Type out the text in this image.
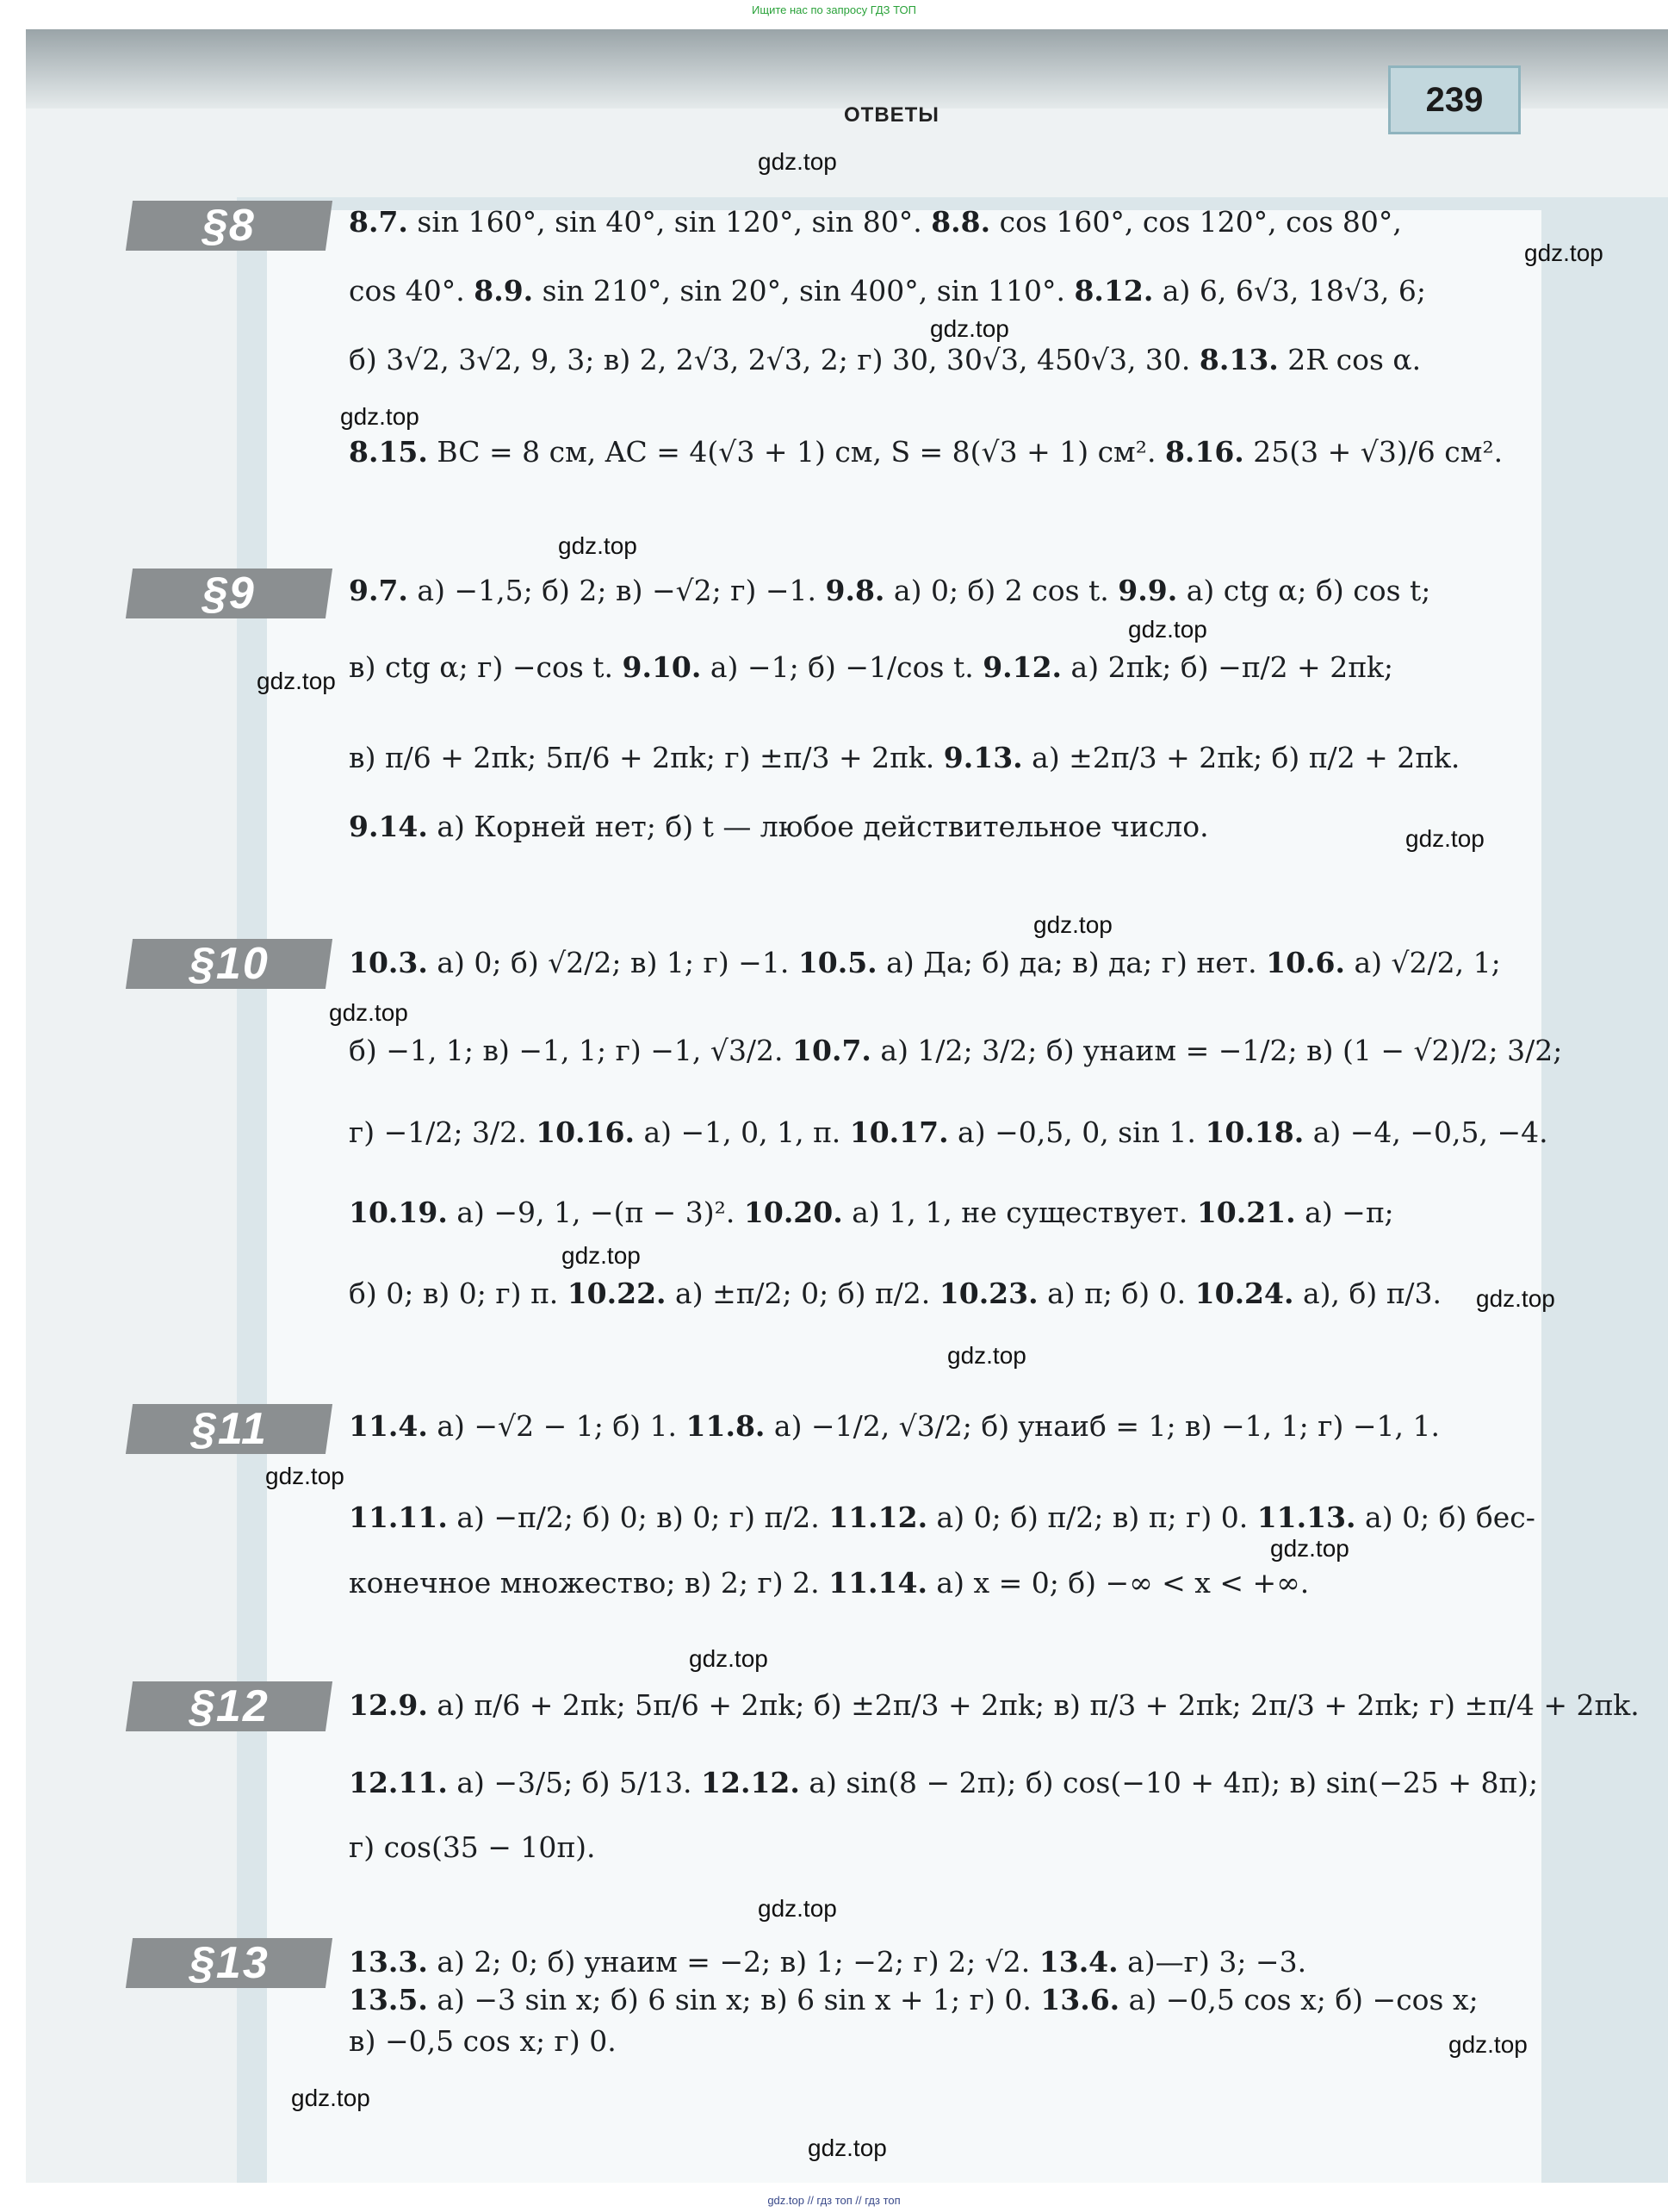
Ищите нас по запросу ГДЗ ТОП
ОТВЕТЫ	239
§8
§9
§10
§11
§12
§13
8.7. sin 160°, sin 40°, sin 120°, sin 80°. 8.8. cos 160°, cos 120°, cos 80°,
cos 40°. 8.9. sin 210°, sin 20°, sin 400°, sin 110°. 8.12. а) 6, 6√3, 18√3, 6;
б) 3√2, 3√2, 9, 3; в) 2, 2√3, 2√3, 2; г) 30, 30√3, 450√3, 30. 8.13. 2R cos α.
8.15. BC = 8 см, AC = 4(√3 + 1) см, S = 8(√3 + 1) см². 8.16. 25(3 + √3)/6 см².
9.7. а) −1,5; б) 2; в) −√2; г) −1. 9.8. а) 0; б) 2 cos t. 9.9. а) ctg α; б) cos t;
в) ctg α; г) −cos t. 9.10. а) −1; б) −1/cos t. 9.12. а) 2πk; б) −π/2 + 2πk;
в) π/6 + 2πk; 5π/6 + 2πk; г) ±π/3 + 2πk. 9.13. а) ±2π/3 + 2πk; б) π/2 + 2πk.
9.14. а) Корней нет; б) t — любое действительное число.
10.3. а) 0; б) √2/2; в) 1; г) −1. 10.5. а) Да; б) да; в) да; г) нет. 10.6. а) √2/2, 1;
б) −1, 1; в) −1, 1; г) −1, √3/2. 10.7. а) 1/2; 3/2; б) yнаим = −1/2; в) (1 − √2)/2; 3/2;
г) −1/2; 3/2. 10.16. а) −1, 0, 1, π. 10.17. а) −0,5, 0, sin 1. 10.18. а) −4, −0,5, −4.
10.19. а) −9, 1, −(π − 3)². 10.20. а) 1, 1, не существует. 10.21. а) −π;
б) 0; в) 0; г) π. 10.22. а) ±π/2; 0; б) π/2. 10.23. а) π; б) 0. 10.24. а), б) π/3.
11.4. а) −√2 − 1; б) 1. 11.8. а) −1/2, √3/2; б) yнаиб = 1; в) −1, 1; г) −1, 1.
11.11. а) −π/2; б) 0; в) 0; г) π/2. 11.12. а) 0; б) π/2; в) π; г) 0. 11.13. а) 0; б) бес-
конечное множество; в) 2; г) 2. 11.14. а) x = 0; б) −∞ < x < +∞.
12.9. а) π/6 + 2πk; 5π/6 + 2πk; б) ±2π/3 + 2πk; в) π/3 + 2πk; 2π/3 + 2πk; г) ±π/4 + 2πk.
12.11. а) −3/5; б) 5/13. 12.12. а) sin(8 − 2π); б) cos(−10 + 4π); в) sin(−25 + 8π);
г) cos(35 − 10π).
13.3. а) 2; 0; б) yнаим = −2; в) 1; −2; г) 2; √2. 13.4. а)—г) 3; −3.
13.5. а) −3 sin x; б) 6 sin x; в) 6 sin x + 1; г) 0. 13.6. а) −0,5 cos x; б) −cos x;
в) −0,5 cos x; г) 0.
gdz.top
gdz.top
gdz.top
gdz.top
gdz.top
gdz.top
gdz.top
gdz.top
gdz.top
gdz.top
gdz.top
gdz.top
gdz.top
gdz.top
gdz.top
gdz.top
gdz.top
gdz.top
gdz.top
gdz.top
gdz.top // гдз топ // гдз топ
